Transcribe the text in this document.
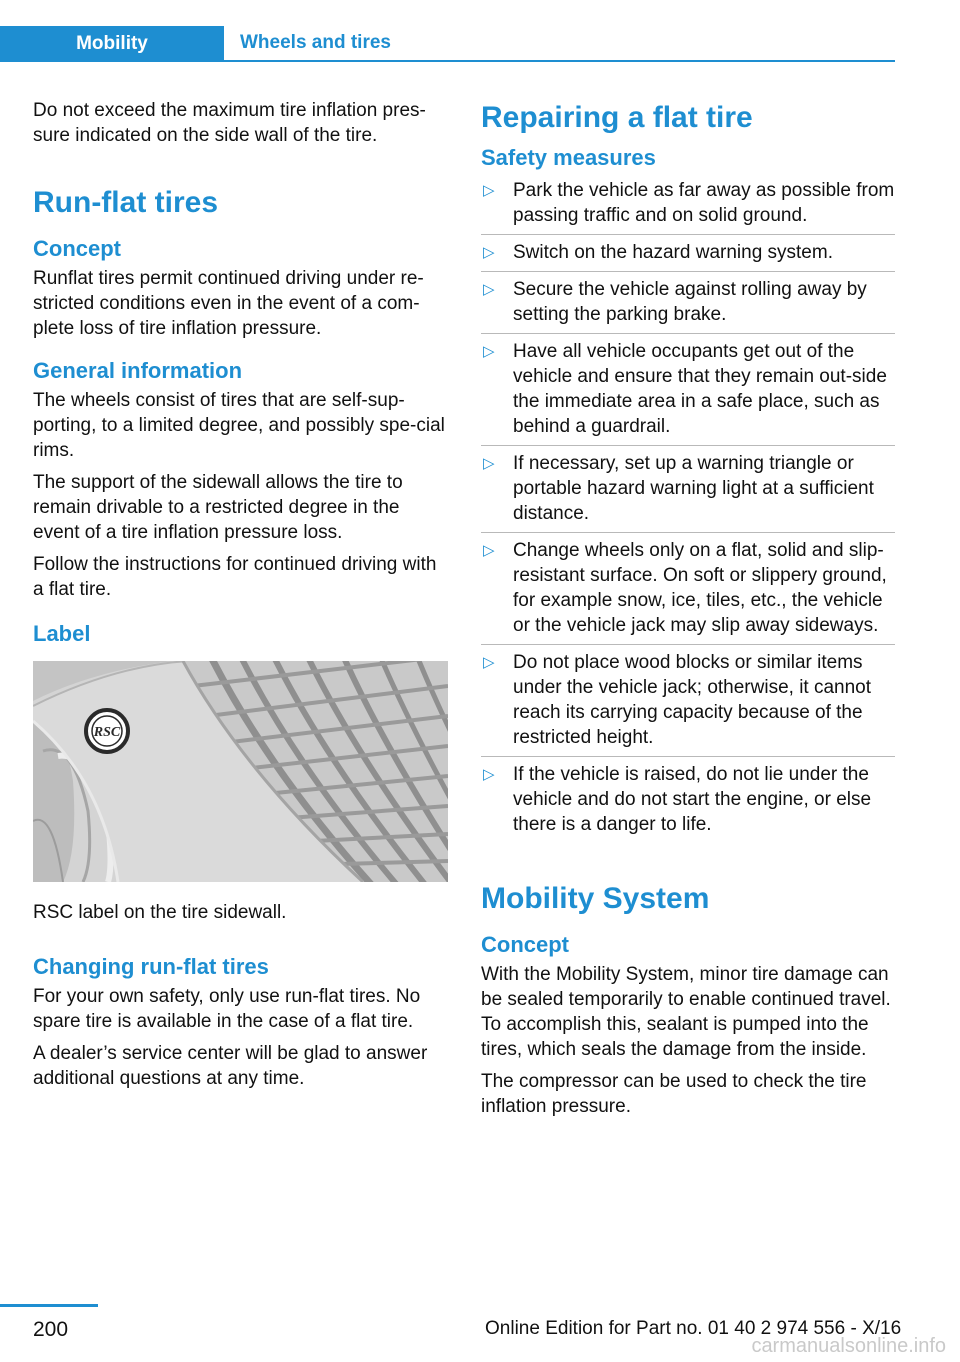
Mobility	Wheels and tires

Do not exceed the maximum tire inflation pres‐sure indicated on the side wall of the tire.

Run-flat tires
Concept

Runflat tires permit continued driving under re‐stricted conditions even in the event of a com‐plete loss of tire inflation pressure.

General information

The wheels consist of tires that are self-sup‐porting, to a limited degree, and possibly spe‐cial rims.

The support of the sidewall allows the tire to remain drivable to a restricted degree in the event of a tire inflation pressure loss.

Follow the instructions for continued driving with a flat tire.

Label
RSC

RSC label on the tire sidewall.

Changing run-flat tires

For your own safety, only use run-flat tires. No spare tire is available in the case of a flat tire.

A dealer’s service center will be glad to answer additional questions at any time.

Repairing a flat tire
Safety measures
▷ Park the vehicle as far away as possible from passing traffic and on solid ground.
▷ Switch on the hazard warning system.
▷ Secure the vehicle against rolling away by setting the parking brake.
▷ Have all vehicle occupants get out of the vehicle and ensure that they remain out‐side the immediate area in a safe place, such as behind a guardrail.
▷ If necessary, set up a warning triangle or portable hazard warning light at a sufficient distance.
▷ Change wheels only on a flat, solid and slip-resistant surface. On soft or slippery ground, for example snow, ice, tiles, etc., the vehicle or the vehicle jack may slip away sideways.
▷ Do not place wood blocks or similar items under the vehicle jack; otherwise, it cannot reach its carrying capacity because of the restricted height.
▷ If the vehicle is raised, do not lie under the vehicle and do not start the engine, or else there is a danger to life.
Mobility System
Concept

With the Mobility System, minor tire damage can be sealed temporarily to enable continued travel. To accomplish this, sealant is pumped into the tires, which seals the damage from the inside.

The compressor can be used to check the tire inflation pressure.

200	Online Edition for Part no. 01 40 2 974 556 - X/16
carmanualsonline.info
